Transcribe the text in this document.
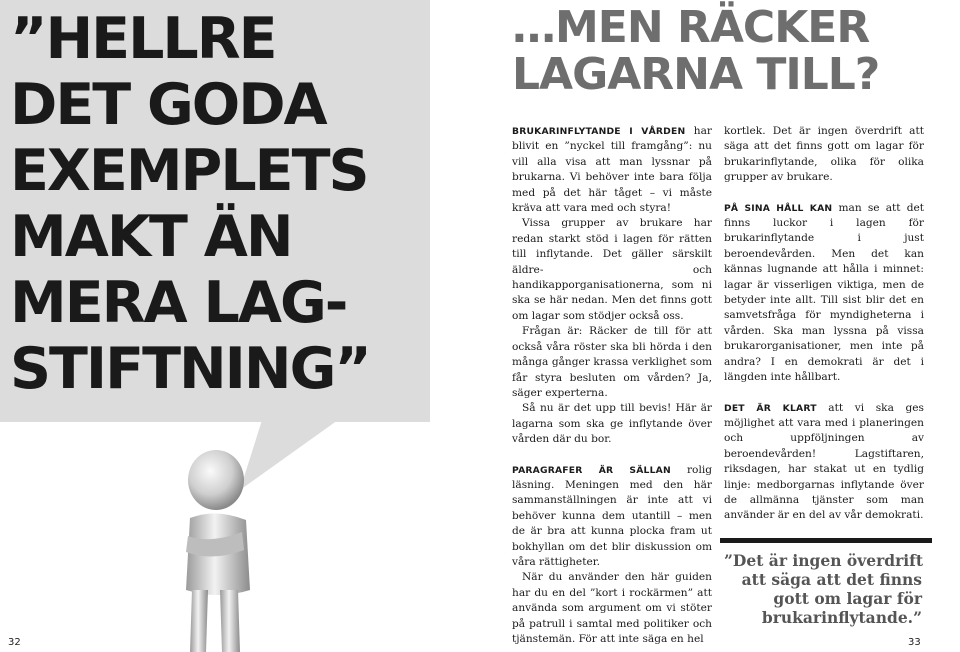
”HELLRE
DET GODA
EXEMPLETS
MAKT ÄN
MERA LAG-
STIFTNING”
32
…MEN RÄCKER
LAGARNA TILL?

BRUKARINFLYTANDE I VÅRDEN har blivit en ”nyckel till framgång”: nu vill alla visa att man lyssnar på brukarna. Vi behöver inte bara följa med på det här tåget – vi måste kräva att vara med och styra!

Vissa grupper av brukare har redan starkt stöd i lagen för rätten till inflytande. Det gäller särskilt äldre- och handikapporganisationerna, som ni ska se här nedan. Men det finns gott om lagar som stödjer också oss.

Frågan är: Räcker de till för att också våra röster ska bli hörda i den många gånger krassa verklighet som får styra besluten om vården? Ja, säger experterna.

Så nu är det upp till bevis! Här är lagarna som ska ge inflytande över vården där du bor.

PARAGRAFER ÄR SÄLLAN rolig läsning. Meningen med den här sammanställningen är inte att vi behöver kunna dem utantill – men de är bra att kunna plocka fram ut bokhyllan om det blir diskussion om våra rättigheter.

När du använder den här guiden har du en del ”kort i rockärmen” att använda som argument om vi stöter på patrull i samtal med politiker och tjänstemän. För att inte säga en hel

kortlek. Det är ingen överdrift att säga att det finns gott om lagar för brukarinflytande, olika för olika grupper av brukare.

PÅ SINA HÅLL KAN man se att det finns luckor i lagen för brukarinflytande i just beroendevården. Men det kan kännas lugnande att hålla i minnet: lagar är visserligen viktiga, men de betyder inte allt. Till sist blir det en samvetsfråga för myndigheterna i vården. Ska man lyssna på vissa brukarorganisationer, men inte på andra? I en demokrati är det i längden inte hållbart.

DET ÄR KLART att vi ska ges möjlighet att vara med i planeringen och uppföljningen av beroendevården! Lagstiftaren, riksdagen, har stakat ut en tydlig linje: medborgarnas inflytande över de allmänna tjänster som man använder är en del av vår demokrati.

”Det är ingen överdrift
att säga att det finns
gott om lagar för
brukarinflytande.”
33
